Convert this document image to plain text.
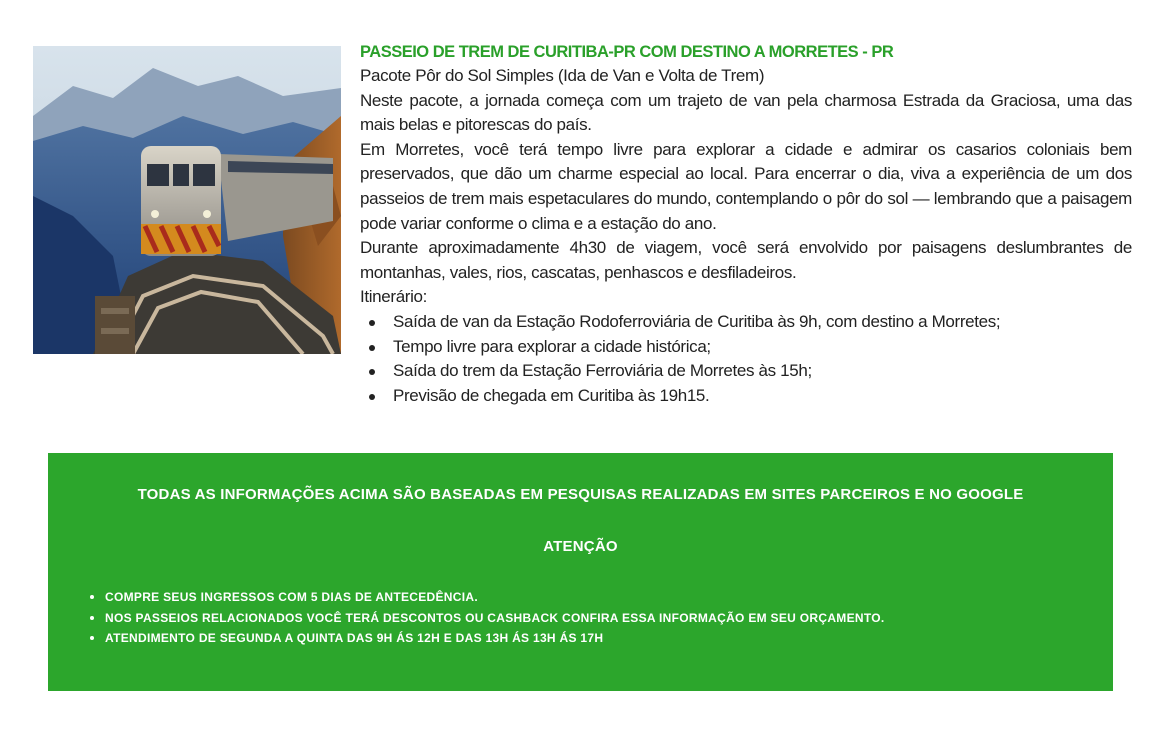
PASSEIO DE TREM DE CURITIBA-PR COM DESTINO A MORRETES - PR

Pacote Pôr do Sol Simples (Ida de Van e Volta de Trem)

Neste pacote, a jornada começa com um trajeto de van pela charmosa Estrada da Graciosa, uma das mais belas e pitorescas do país.

Em Morretes, você terá tempo livre para explorar a cidade e admirar os casarios coloniais bem preservados, que dão um charme especial ao local. Para encerrar o dia, viva a experiência de um dos passeios de trem mais espetaculares do mundo, contemplando o pôr do sol — lembrando que a paisagem pode variar conforme o clima e a estação do ano.

Durante aproximadamente 4h30 de viagem, você será envolvido por paisagens deslumbrantes de montanhas, vales, rios, cascatas, penhascos e desfiladeiros.

Itinerário:

Saída de van da Estação Rodoferroviária de Curitiba às 9h, com destino a Morretes;
Tempo livre para explorar a cidade histórica;
Saída do trem da Estação Ferroviária de Morretes às 15h;
Previsão de chegada em Curitiba às 19h15.
TODAS AS INFORMAÇÕES ACIMA SÃO BASEADAS EM PESQUISAS REALIZADAS EM SITES PARCEIROS E NO GOOGLE
ATENÇÃO
COMPRE SEUS INGRESSOS COM 5 DIAS DE ANTECEDÊNCIA.
NOS PASSEIOS RELACIONADOS VOCÊ TERÁ DESCONTOS OU CASHBACK CONFIRA ESSA INFORMAÇÃO EM SEU ORÇAMENTO.
ATENDIMENTO DE SEGUNDA A QUINTA DAS 9H ÁS 12H E DAS 13H ÁS 13H ÁS 17H
